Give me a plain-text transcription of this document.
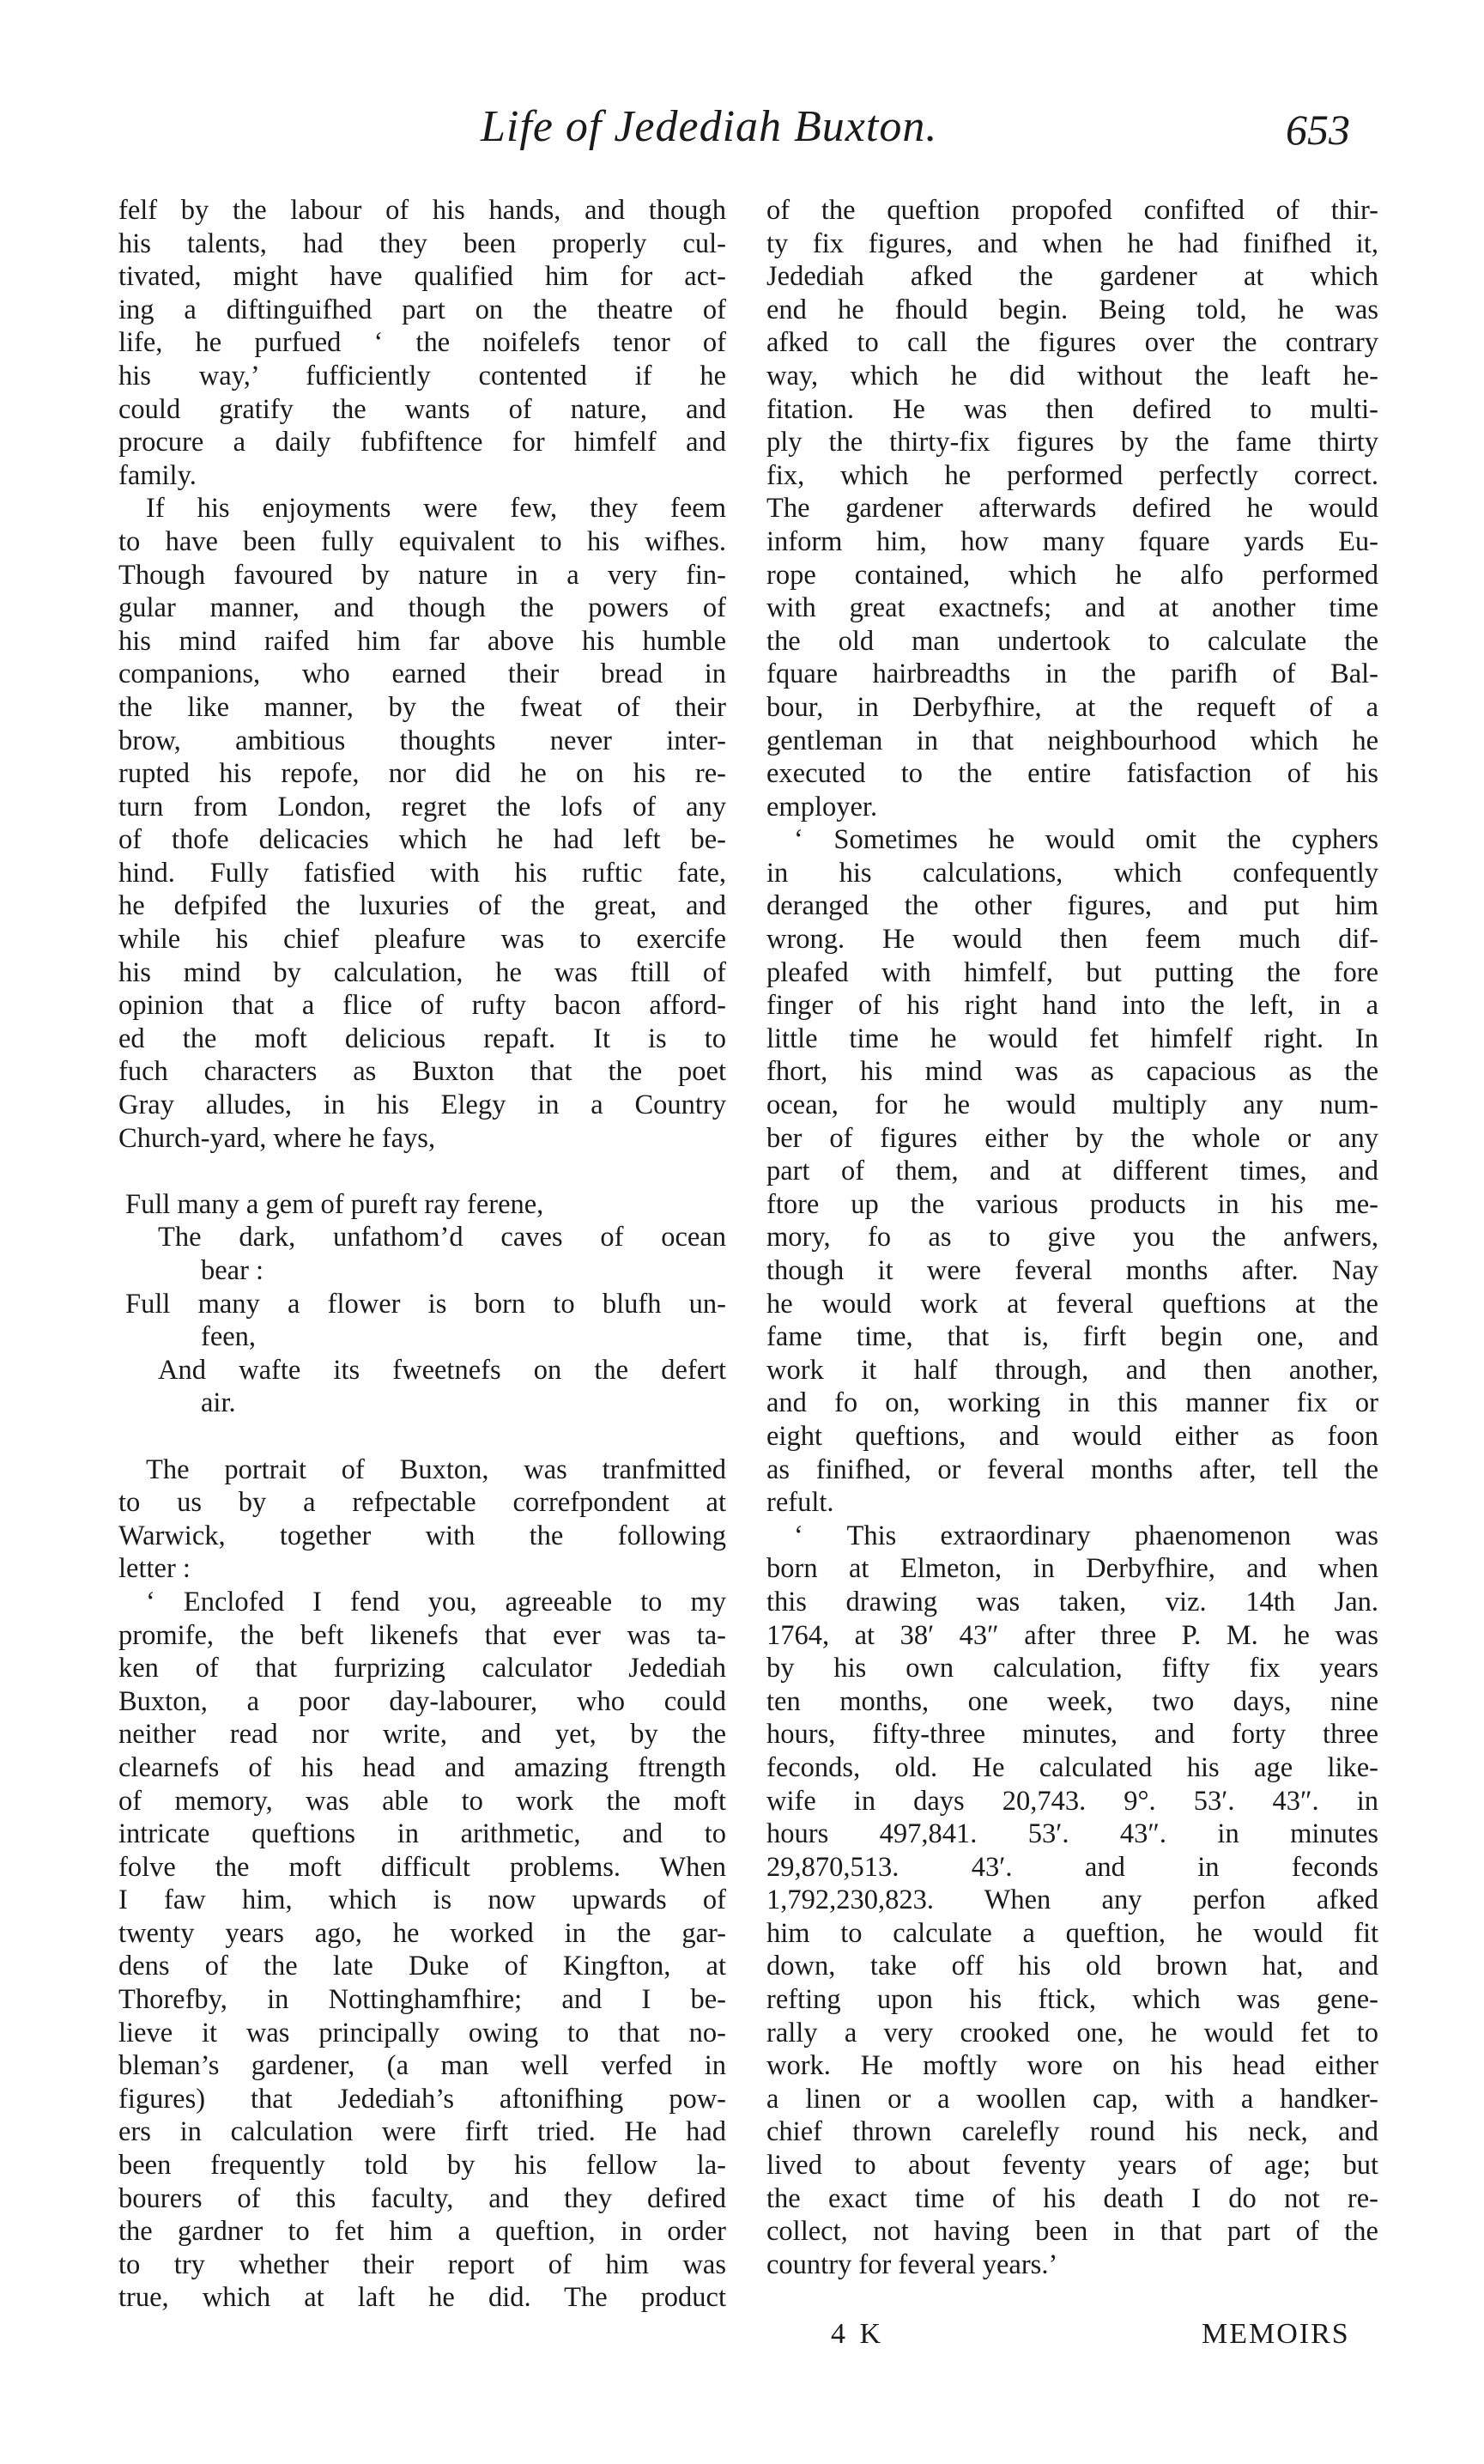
Life of Jedediah Buxton.	653
felf by the labour of his hands, and though
his talents, had they been properly cul-
tivated, might have qualified him for act-
ing a diftinguifhed part on the theatre of
life, he purfued ‘ the noifelefs tenor of
his way,’ fufficiently contented if he
could gratify the wants of nature, and
procure a daily fubfiftence for himfelf and
family.
If his enjoyments were few, they feem
to have been fully equivalent to his wifhes.
Though favoured by nature in a very fin-
gular manner, and though the powers of
his mind raifed him far above his humble
companions, who earned their bread in
the like manner, by the fweat of their
brow, ambitious thoughts never inter-
rupted his repofe, nor did he on his re-
turn from London, regret the lofs of any
of thofe delicacies which he had left be-
hind. Fully fatisfied with his ruftic fate,
he defpifed the luxuries of the great, and
while his chief pleafure was to exercife
his mind by calculation, he was ftill of
opinion that a flice of rufty bacon afford-
ed the moft delicious repaft. It is to
fuch characters as Buxton that the poet
Gray alludes, in his Elegy in a Country
Church-yard, where he fays,
Full many a gem of pureft ray ferene,
The dark, unfathom’d caves of ocean
bear :
Full many a flower is born to blufh un-
feen,
And wafte its fweetnefs on the defert
air.
The portrait of Buxton, was tranfmitted
to us by a refpectable correfpondent at
Warwick, together with the following
letter :
‘ Enclofed I fend you, agreeable to my
promife, the beft likenefs that ever was ta-
ken of that furprizing calculator Jedediah
Buxton, a poor day-labourer, who could
neither read nor write, and yet, by the
clearnefs of his head and amazing ftrength
of memory, was able to work the moft
intricate queftions in arithmetic, and to
folve the moft difficult problems. When
I faw him, which is now upwards of
twenty years ago, he worked in the gar-
dens of the late Duke of Kingfton, at
Thorefby, in Nottinghamfhire; and I be-
lieve it was principally owing to that no-
bleman’s gardener, (a man well verfed in
figures) that Jedediah’s aftonifhing pow-
ers in calculation were firft tried. He had
been frequently told by his fellow la-
bourers of this faculty, and they defired
the gardner to fet him a queftion, in order
to try whether their report of him was
true, which at laft he did. The product
of the queftion propofed confifted of thir-
ty fix figures, and when he had finifhed it,
Jedediah afked the gardener at which
end he fhould begin. Being told, he was
afked to call the figures over the contrary
way, which he did without the leaft he-
fitation. He was then defired to multi-
ply the thirty-fix figures by the fame thirty
fix, which he performed perfectly correct.
The gardener afterwards defired he would
inform him, how many fquare yards Eu-
rope contained, which he alfo performed
with great exactnefs; and at another time
the old man undertook to calculate the
fquare hairbreadths in the parifh of Bal-
bour, in Derbyfhire, at the requeft of a
gentleman in that neighbourhood which he
executed to the entire fatisfaction of his
employer.
‘ Sometimes he would omit the cyphers
in his calculations, which confequently
deranged the other figures, and put him
wrong. He would then feem much dif-
pleafed with himfelf, but putting the fore
finger of his right hand into the left, in a
little time he would fet himfelf right. In
fhort, his mind was as capacious as the
ocean, for he would multiply any num-
ber of figures either by the whole or any
part of them, and at different times, and
ftore up the various products in his me-
mory, fo as to give you the anfwers,
though it were feveral months after. Nay
he would work at feveral queftions at the
fame time, that is, firft begin one, and
work it half through, and then another,
and fo on, working in this manner fix or
eight queftions, and would either as foon
as finifhed, or feveral months after, tell the
refult.
‘ This extraordinary phaenomenon was
born at Elmeton, in Derbyfhire, and when
this drawing was taken, viz. 14th Jan.
1764, at 38′ 43″ after three P. M. he was
by his own calculation, fifty fix years
ten months, one week, two days, nine
hours, fifty-three minutes, and forty three
feconds, old. He calculated his age like-
wife in days 20,743. 9°. 53′. 43″. in
hours 497,841. 53′. 43″. in minutes
29,870,513. 43′. and in feconds
1,792,230,823. When any perfon afked
him to calculate a queftion, he would fit
down, take off his old brown hat, and
refting upon his ftick, which was gene-
rally a very crooked one, he would fet to
work. He moftly wore on his head either
a linen or a woollen cap, with a handker-
chief thrown carelefly round his neck, and
lived to about feventy years of age; but
the exact time of his death I do not re-
collect, not having been in that part of the
country for feveral years.’
4 K	MEMOIRS
